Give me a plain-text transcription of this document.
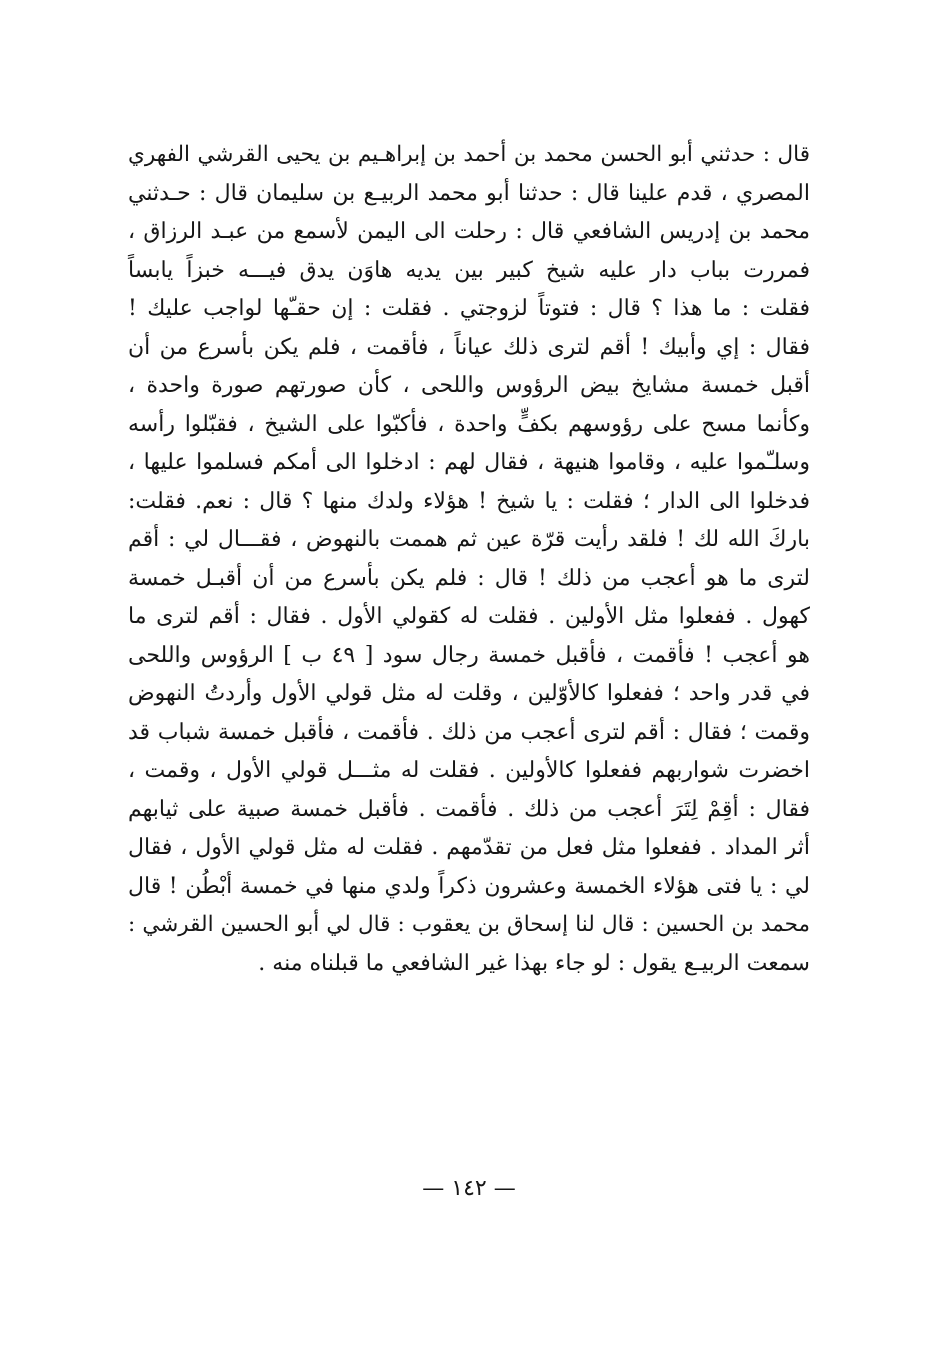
قال : حدثني أبو الحسن محمد بن أحمد بن إبراهـيم بن يحيى القرشي الفهري
المصري ، قدم علينا قال : حدثنا أبو محمد الربيـع بن سليمان قال : حـدثني
محمد بن إدريس الشافعي قال : رحلت الى اليمن لأسمع من عبـد الرزاق ،
فمررت بباب دار عليه شيخ كبير بين يديه هاوَن يدق فيـــه خبزاً يابساً
فقلت : ما هذا ؟ قال : فتوتاً لزوجتي . فقلت : إن حقـّها لواجب عليك !
فقال : إي وأبيك ! أقم لترى ذلك عياناً ، فأقمت ، فلم يكن بأسرع من أن
أقبل خمسة مشايخ بيض الرؤوس واللحى ، كأن صورتهم صورة واحدة ،
وكأنما مسح على رؤوسهم بكفٍّ واحدة ، فأكبّوا على الشيخ ، فقبّلوا رأسه
وسلـّموا عليه ، وقاموا هنيهة ، فقال لهم : ادخلوا الى أمكم فسلموا عليها ،
فدخلوا الى الدار ؛ فقلت : يا شيخ ! هؤلاء ولدك منها ؟ قال : نعم. فقلت:
باركَ الله لك ! فلقد رأيت قرّة عين ثم هممت بالنهوض ، فقـــال لي : أقم
لترى ما هو أعجب من ذلك ! قال : فلم يكن بأسرع من أن أقبـل خمسة
كهول . ففعلوا مثل الأولين . فقلت له كقولي الأول . فقال : أقم لترى ما
هو أعجب ! فأقمت ، فأقبل خمسة رجال سود [ ٤٩ ب ] الرؤوس واللحى
في قدر واحد ؛ ففعلوا كالأوّلين ، وقلت له مثل قولي الأول وأردتُ النهوض
وقمت ؛ فقال : أقم لترى أعجب من ذلك . فأقمت ، فأقبل خمسة شباب قد
اخضرت شواربهم ففعلوا كالأولين . فقلت له مثـــل قولي الأول ، وقمت ،
فقال : أقِمْ لِتَرَ أعجب من ذلك . فأقمت . فأقبل خمسة صبية على ثيابهم
أثر المداد . ففعلوا مثل فعل من تقدّمهم . فقلت له مثل قولي الأول ، فقال
لي : يا فتى هؤلاء الخمسة وعشرون ذكراً ولدي منها في خمسة أبْطُن ! قال
محمد بن الحسين : قال لنا إسحاق بن يعقوب : قال لي أبو الحسين القرشي :
سمعت الربيـع يقول : لو جاء بهذا غير الشافعي ما قبلناه منه .
— ١٤٢ —
